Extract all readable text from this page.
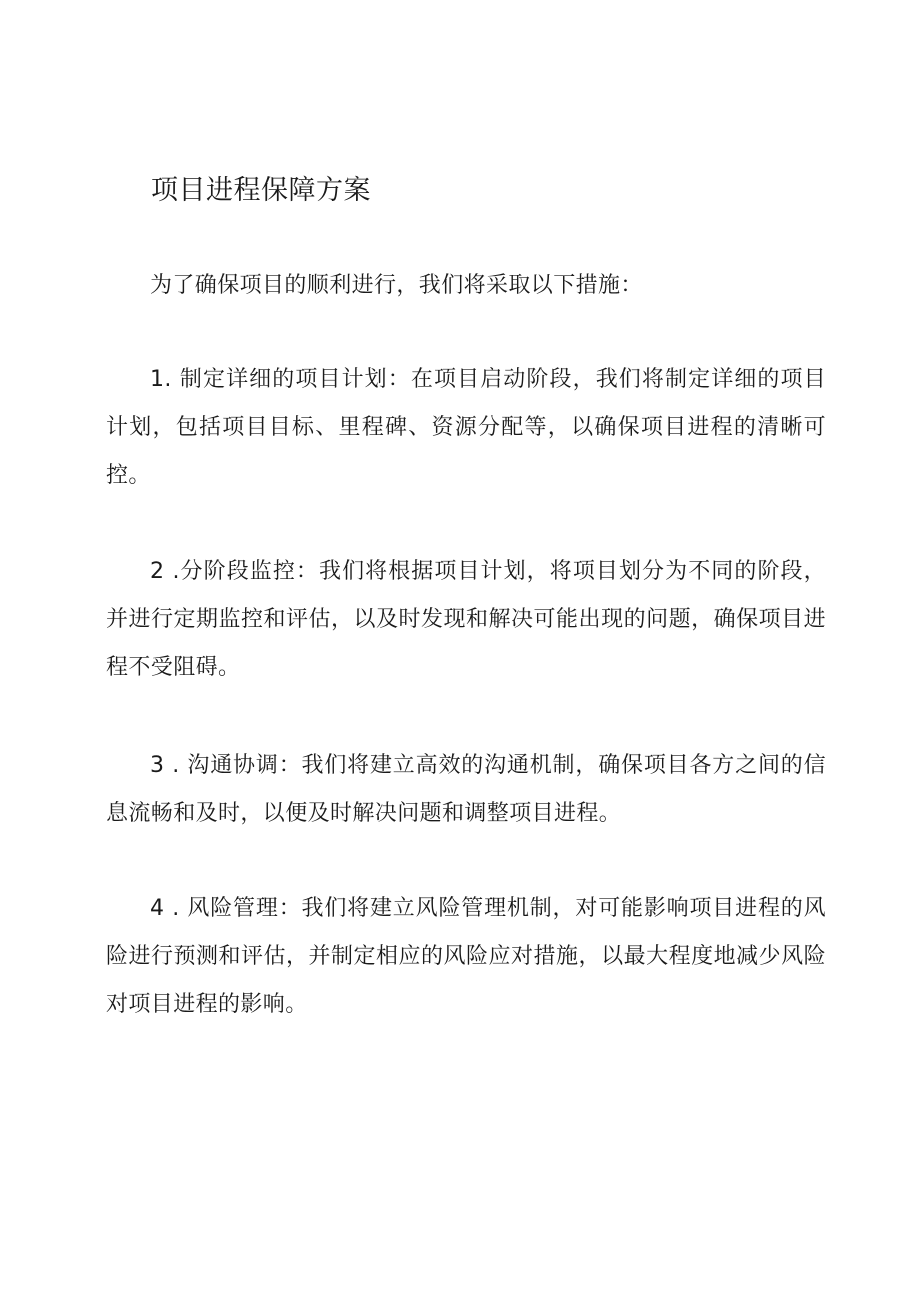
项目进程保障方案

为了确保项目的顺利进行，我们将采取以下措施：

1. 制定详细的项目计划：在项目启动阶段，我们将制定详细的项目计划，包括项目目标、里程碑、资源分配等，以确保项目进程的清晰可控。

2 .分阶段监控：我们将根据项目计划，将项目划分为不同的阶段，并进行定期监控和评估，以及时发现和解决可能出现的问题，确保项目进程不受阻碍。

3 . 沟通协调：我们将建立高效的沟通机制，确保项目各方之间的信息流畅和及时，以便及时解决问题和调整项目进程。

4 . 风险管理：我们将建立风险管理机制，对可能影响项目进程的风险进行预测和评估，并制定相应的风险应对措施，以最大程度地减少风险对项目进程的影响。
